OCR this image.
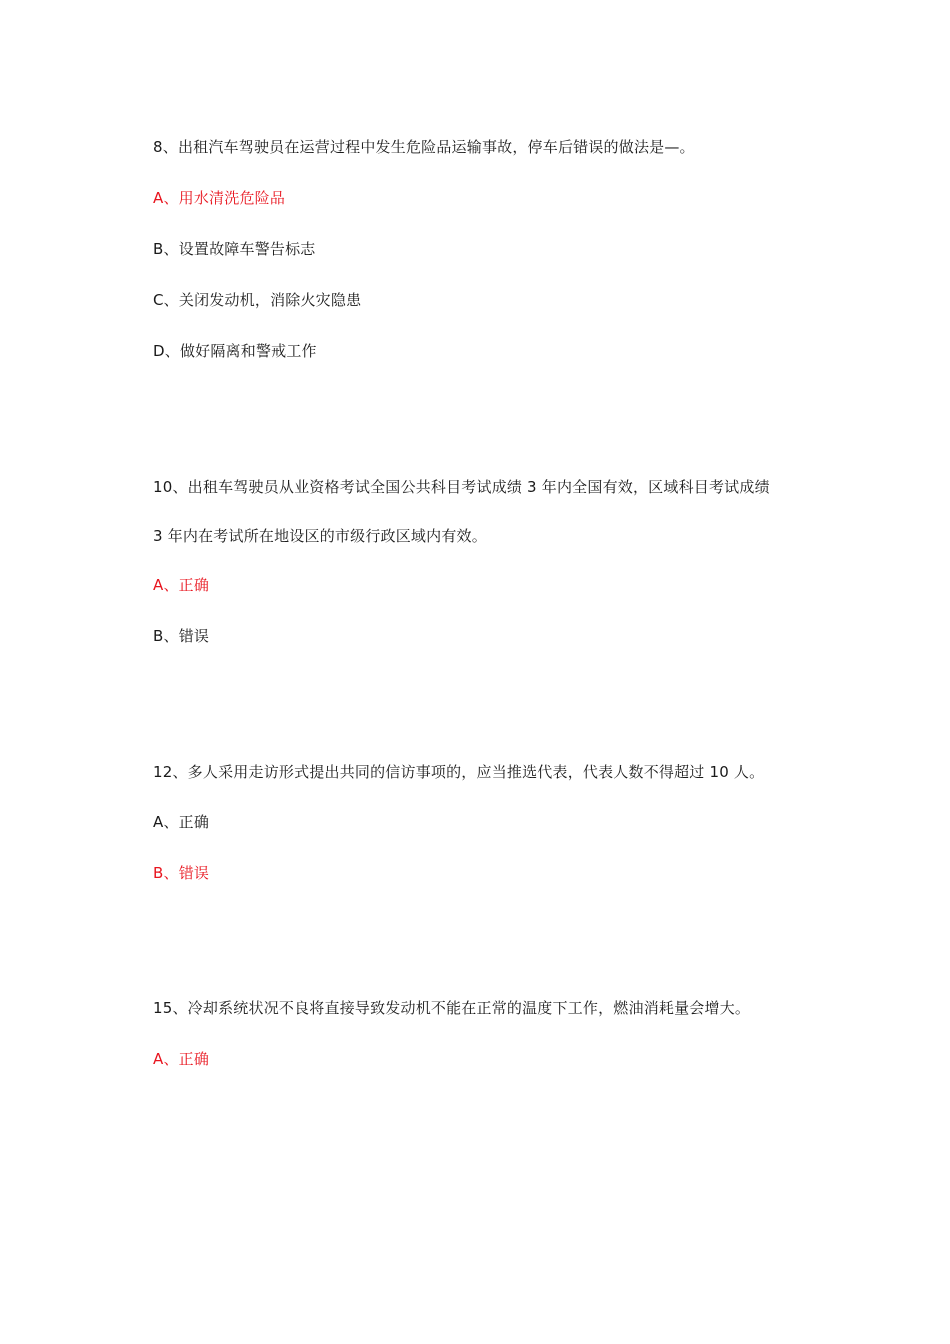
8、出租汽车驾驶员在运营过程中发生危险品运输事故，停车后错误的做法是—。
A、用水清洗危险品
B、设置故障车警告标志
C、关闭发动机，消除火灾隐患
D、做好隔离和警戒工作
10、出租车驾驶员从业资格考试全国公共科目考试成绩 3 年内全国有效，区域科目考试成绩
3 年内在考试所在地设区的市级行政区域内有效。
A、正确
B、错误
12、多人采用走访形式提出共同的信访事项的，应当推选代表，代表人数不得超过 10 人。
A、正确
B、错误
15、冷却系统状况不良将直接导致发动机不能在正常的温度下工作，燃油消耗量会增大。
A、正确
